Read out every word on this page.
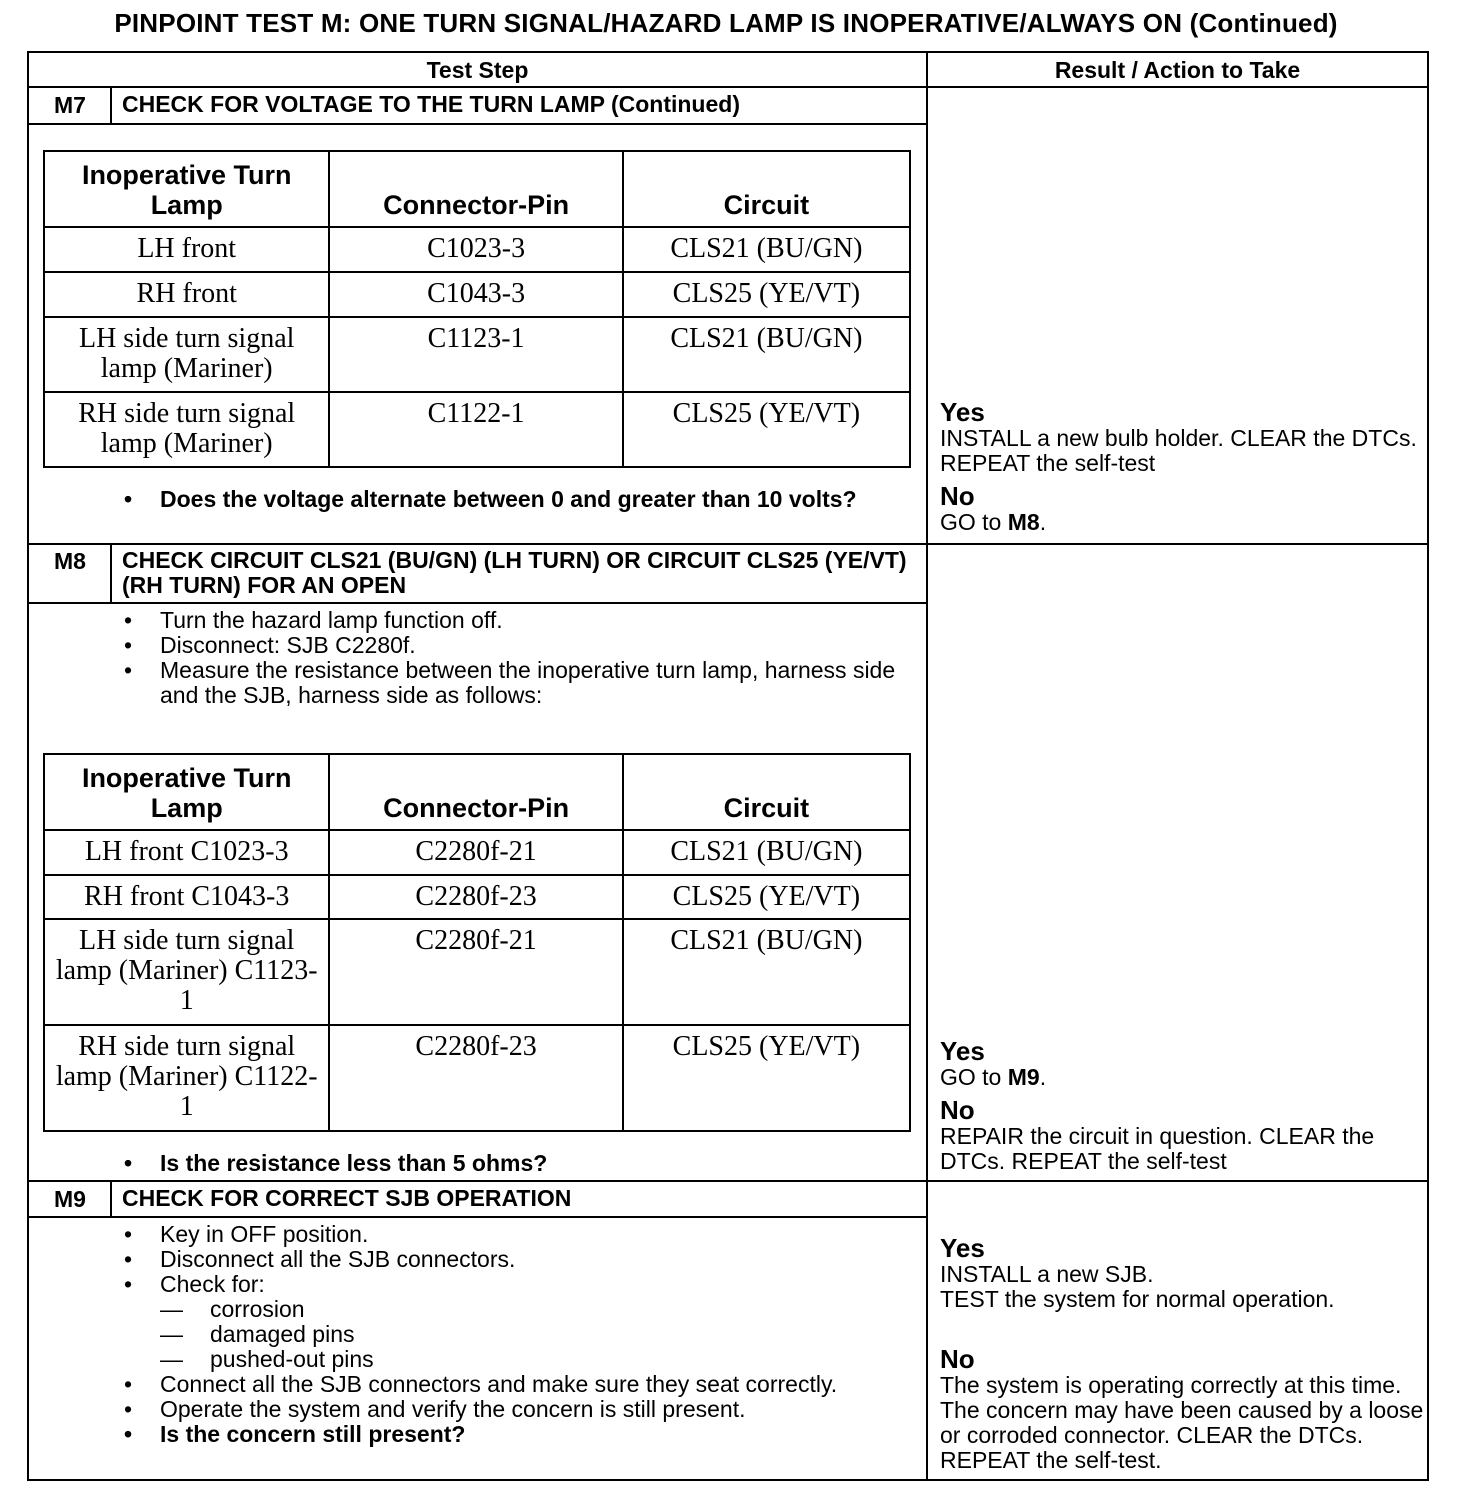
PINPOINT TEST M: ONE TURN SIGNAL/HAZARD LAMP IS INOPERATIVE/ALWAYS ON (Continued)
Test Step	Result / Action to Take
M7	CHECK FOR VOLTAGE TO THE TURN LAMP (Continued)
Inoperative Turn Lamp	Connector-Pin	Circuit
LH front	C1023-3	CLS21 (BU/GN)
RH front	C1043-3	CLS25 (YE/VT)
LH side turn signal lamp (Mariner)	C1123-1	CLS21 (BU/GN)
RH side turn signal lamp (Mariner)	C1122-1	CLS25 (YE/VT)
• Does the voltage alternate between 0 and greater than 10 volts?
Yes
INSTALL a new bulb holder. CLEAR the DTCs. REPEAT the self-test
No
GO to M8.
M8	CHECK CIRCUIT CLS21 (BU/GN) (LH TURN) OR CIRCUIT CLS25 (YE/VT) (RH TURN) FOR AN OPEN
• Turn the hazard lamp function off.
• Disconnect: SJB C2280f.
• Measure the resistance between the inoperative turn lamp, harness side and the SJB, harness side as follows:
Inoperative Turn Lamp	Connector-Pin	Circuit
LH front C1023-3	C2280f-21	CLS21 (BU/GN)
RH front C1043-3	C2280f-23	CLS25 (YE/VT)
LH side turn signal lamp (Mariner) C1123-1	C2280f-21	CLS21 (BU/GN)
RH side turn signal lamp (Mariner) C1122-1	C2280f-23	CLS25 (YE/VT)
• Is the resistance less than 5 ohms?
Yes
GO to M9.
No
REPAIR the circuit in question. CLEAR the DTCs. REPEAT the self-test
M9	CHECK FOR CORRECT SJB OPERATION
• Key in OFF position.
• Disconnect all the SJB connectors.
• Check for:
— corrosion
— damaged pins
— pushed-out pins
• Connect all the SJB connectors and make sure they seat correctly.
• Operate the system and verify the concern is still present.
• Is the concern still present?
Yes
INSTALL a new SJB.
TEST the system for normal operation.
No
The system is operating correctly at this time. The concern may have been caused by a loose or corroded connector. CLEAR the DTCs. REPEAT the self-test.
